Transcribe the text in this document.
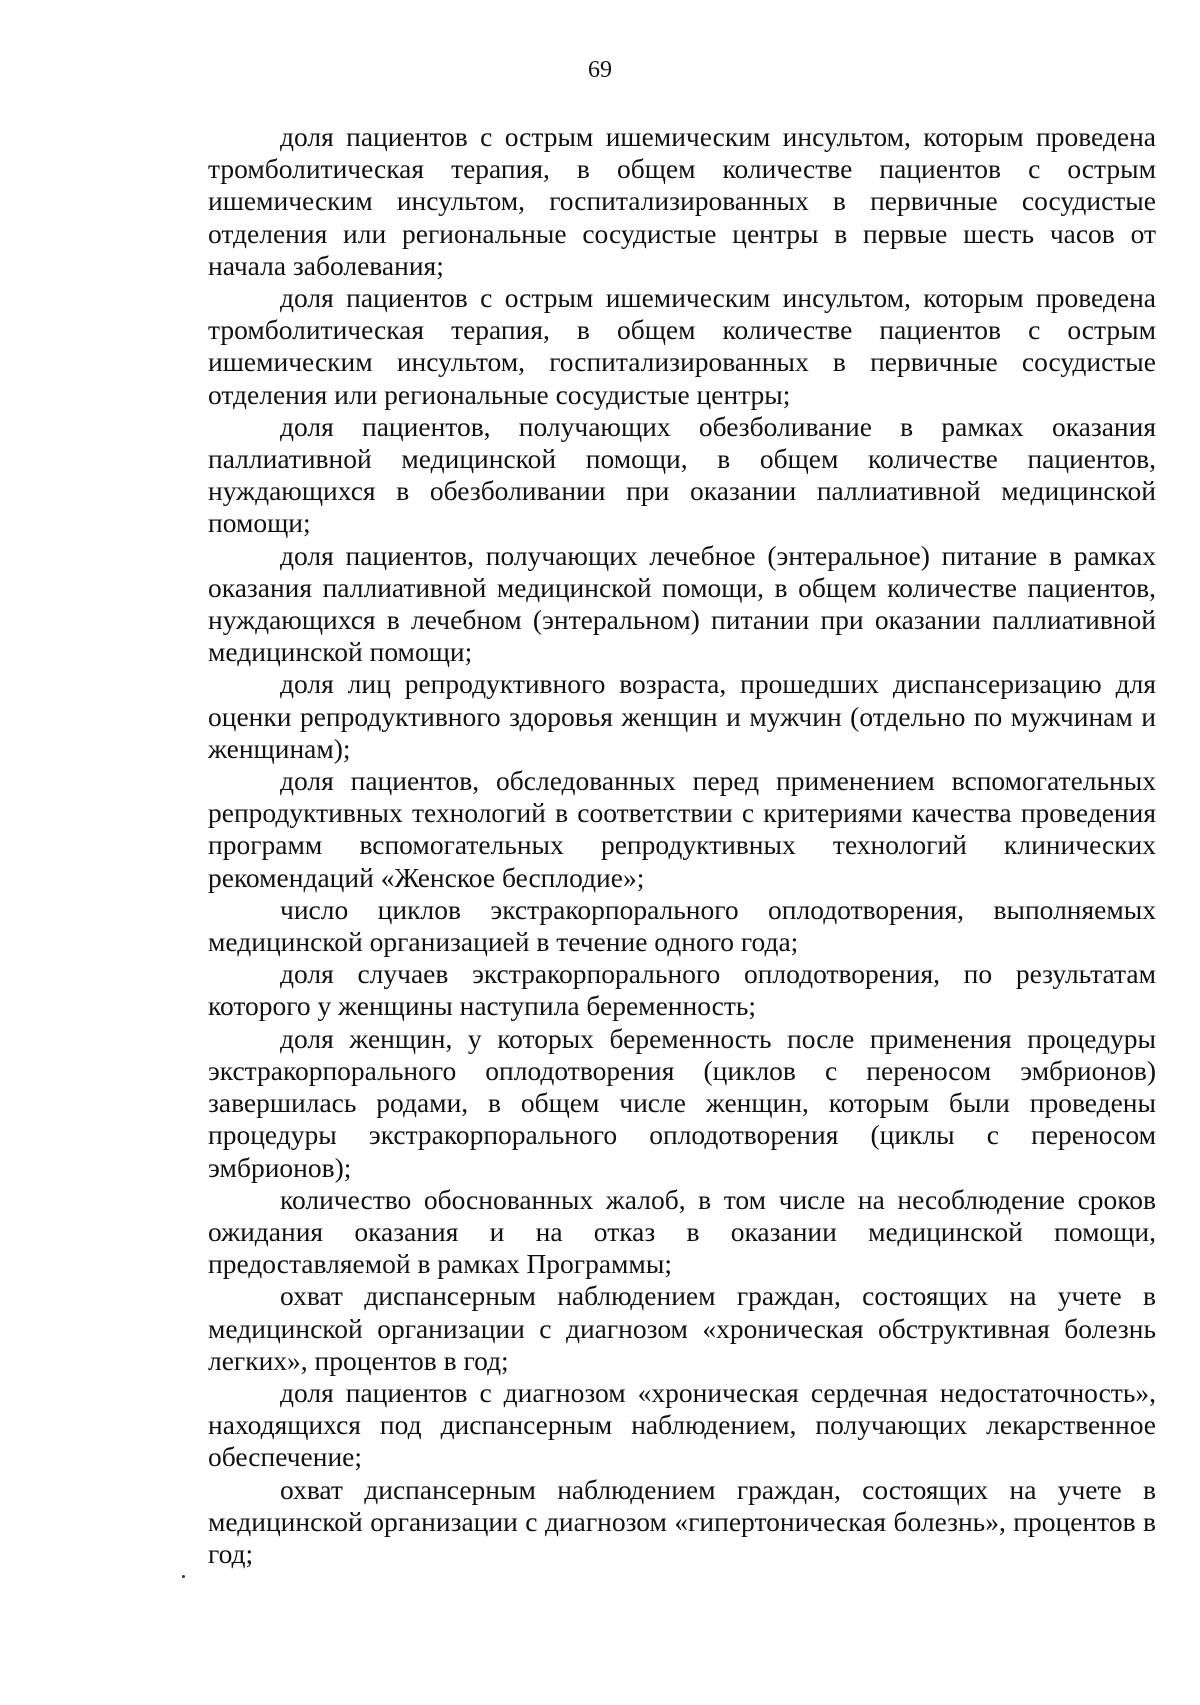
69

доля пациентов с острым ишемическим инсультом, которым проведена тромболитическая терапия, в общем количестве пациентов с острым ишемическим инсультом, госпитализированных в первичные сосудистые отделения или региональные сосудистые центры в первые шесть часов от начала заболевания;

доля пациентов с острым ишемическим инсультом, которым проведена тромболитическая терапия, в общем количестве пациентов с острым ишемическим инсультом, госпитализированных в первичные сосудистые отделения или региональные сосудистые центры;

доля пациентов, получающих обезболивание в рамках оказания паллиативной медицинской помощи, в общем количестве пациентов, нуждающихся в обезболивании при оказании паллиативной медицинской помощи;

доля пациентов, получающих лечебное (энтеральное) питание в рамках оказания паллиативной медицинской помощи, в общем количестве пациентов, нуждающихся в лечебном (энтеральном) питании при оказании паллиативной медицинской помощи;

доля лиц репродуктивного возраста, прошедших диспансеризацию для оценки репродуктивного здоровья женщин и мужчин (отдельно по мужчинам и женщинам);

доля пациентов, обследованных перед применением вспомогательных репродуктивных технологий в соответствии с критериями качества проведения программ вспомогательных репродуктивных технологий клинических рекомендаций «Женское бесплодие»;

число циклов экстракорпорального оплодотворения, выполняемых медицинской организацией в течение одного года;

доля случаев экстракорпорального оплодотворения, по результатам которого у женщины наступила беременность;

доля женщин, у которых беременность после применения процедуры экстракорпорального оплодотворения (циклов с переносом эмбрионов) завершилась родами, в общем числе женщин, которым были проведены процедуры экстракорпорального оплодотворения (циклы с переносом эмбрионов);

количество обоснованных жалоб, в том числе на несоблюдение сроков ожидания оказания и на отказ в оказании медицинской помощи, предоставляемой в рамках Программы;

охват диспансерным наблюдением граждан, состоящих на учете в медицинской организации с диагнозом «хроническая обструктивная болезнь легких», процентов в год;

доля пациентов с диагнозом «хроническая сердечная недостаточность», находящихся под диспансерным наблюдением, получающих лекарственное обеспечение;

охват диспансерным наблюдением граждан, состоящих на учете в медицинской организации с диагнозом «гипертоническая болезнь», процентов в год;
